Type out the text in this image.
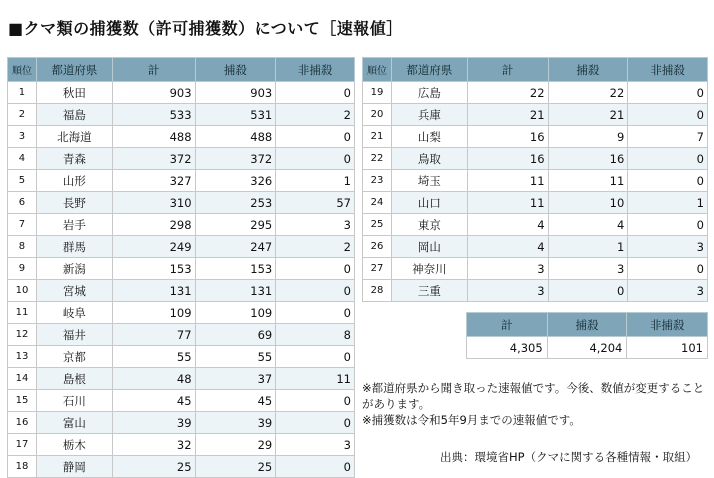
■クマ類の捕獲数（許可捕獲数）について［速報値］
順位	都道府県	計	捕殺	非捕殺
1	秋田	903	903	0
2	福島	533	531	2
3	北海道	488	488	0
4	青森	372	372	0
5	山形	327	326	1
6	長野	310	253	57
7	岩手	298	295	3
8	群馬	249	247	2
9	新潟	153	153	0
10	宮城	131	131	0
11	岐阜	109	109	0
12	福井	77	69	8
13	京都	55	55	0
14	島根	48	37	11
15	石川	45	45	0
16	富山	39	39	0
17	栃木	32	29	3
18	静岡	25	25	0
順位	都道府県	計	捕殺	非捕殺
19	広島	22	22	0
20	兵庫	21	21	0
21	山梨	16	9	7
22	鳥取	16	16	0
23	埼玉	11	11	0
24	山口	11	10	1
25	東京	4	4	0
26	岡山	4	1	3
27	神奈川	3	3	0
28	三重	3	0	3
計	捕殺	非捕殺
4,305	4,204	101

※都道府県から聞き取った速報値です。今後、数値が変更することがあります。

※捕獲数は令和5年9月までの速報値です。

出典：環境省HP（クマに関する各種情報・取組）
